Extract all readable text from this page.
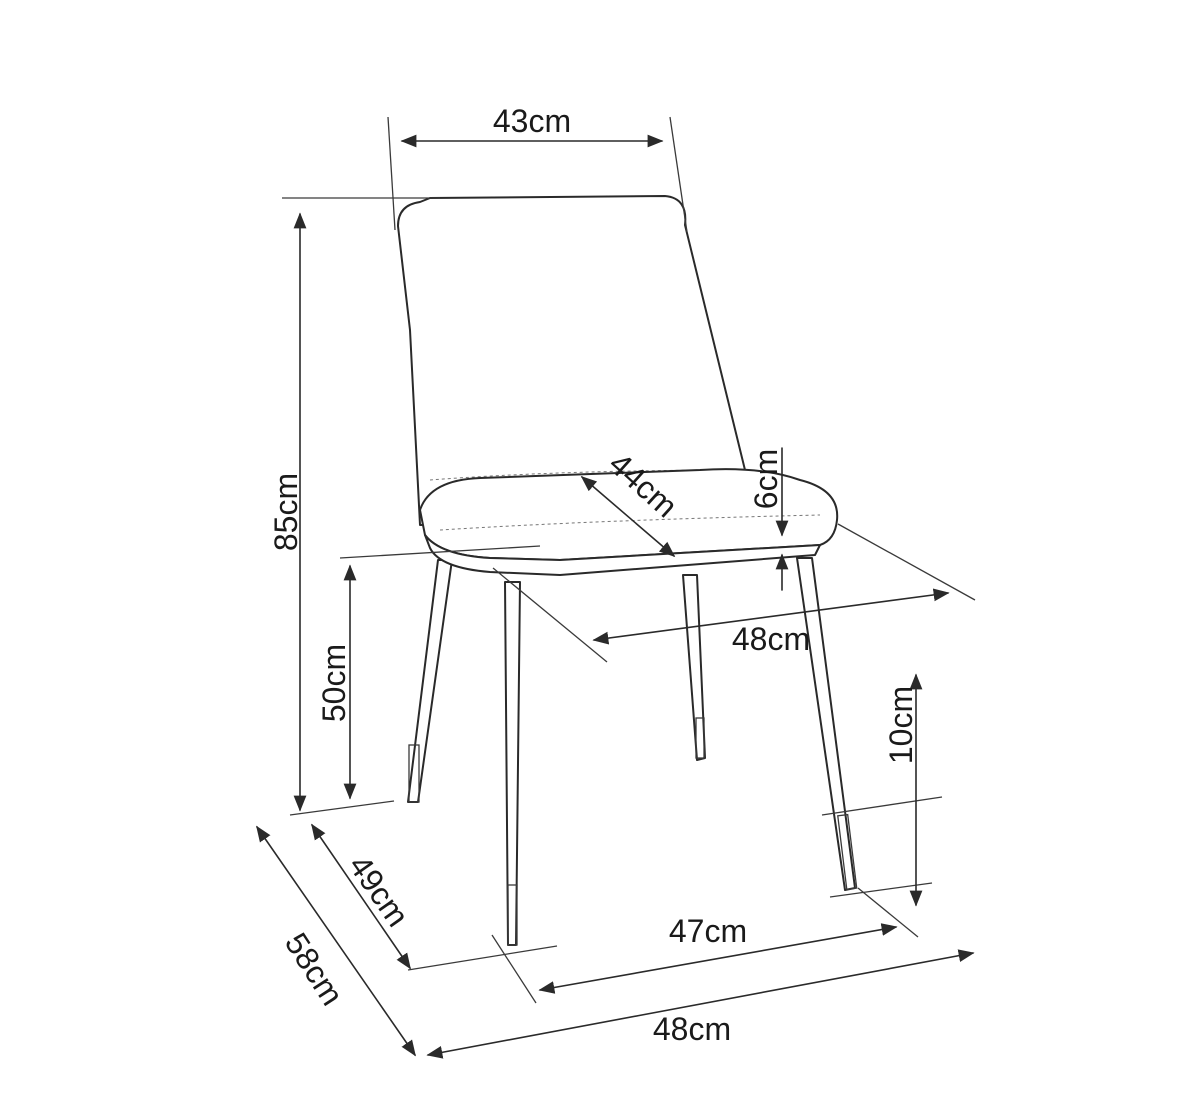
43cm
85cm
50cm
44cm 6cm
48cm
10cm
49cm
58cm	47cm
48cm
